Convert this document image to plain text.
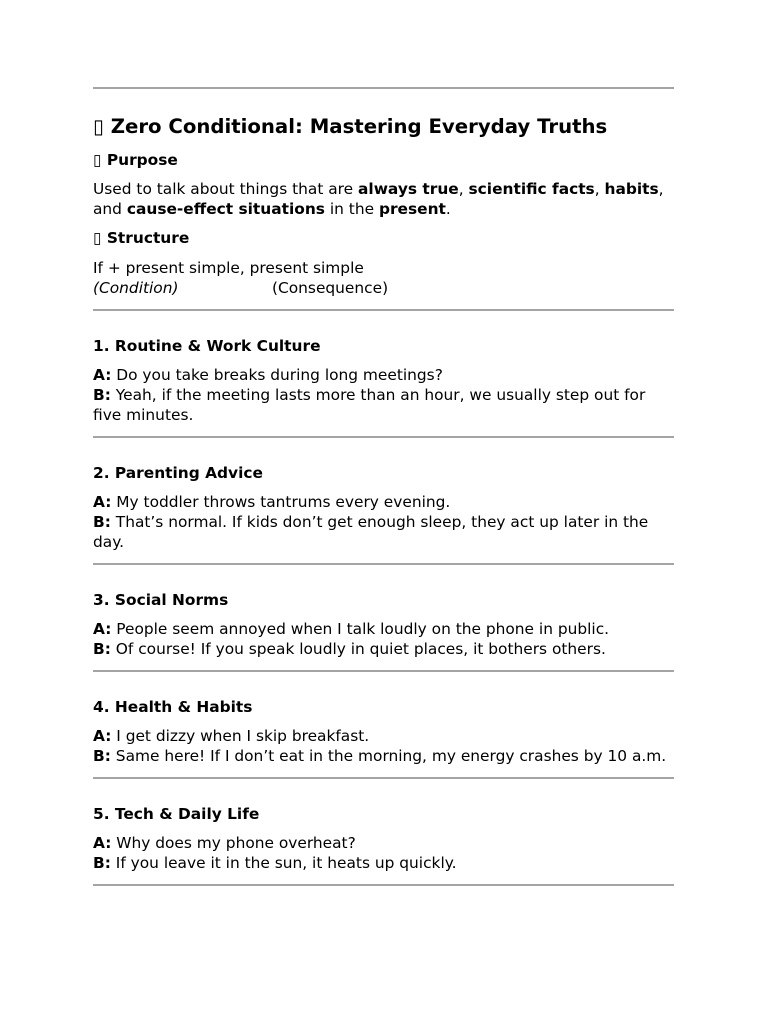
▯ Zero Conditional: Mastering Everyday Truths
▯ Purpose
Used to talk about things that are always true, scientific facts, habits, and cause-effect situations in the present.
▯ Structure
If + present simple, present simple
(Condition)	(Consequence)
1. Routine & Work Culture
A: Do you take breaks during long meetings?
B: Yeah, if the meeting lasts more than an hour, we usually step out for five minutes.
2. Parenting Advice
A: My toddler throws tantrums every evening.
B: That’s normal. If kids don’t get enough sleep, they act up later in the day.
3. Social Norms
A: People seem annoyed when I talk loudly on the phone in public.
B: Of course! If you speak loudly in quiet places, it bothers others.
4. Health & Habits
A: I get dizzy when I skip breakfast.
B: Same here! If I don’t eat in the morning, my energy crashes by 10 a.m.
5. Tech & Daily Life
A: Why does my phone overheat?
B: If you leave it in the sun, it heats up quickly.
